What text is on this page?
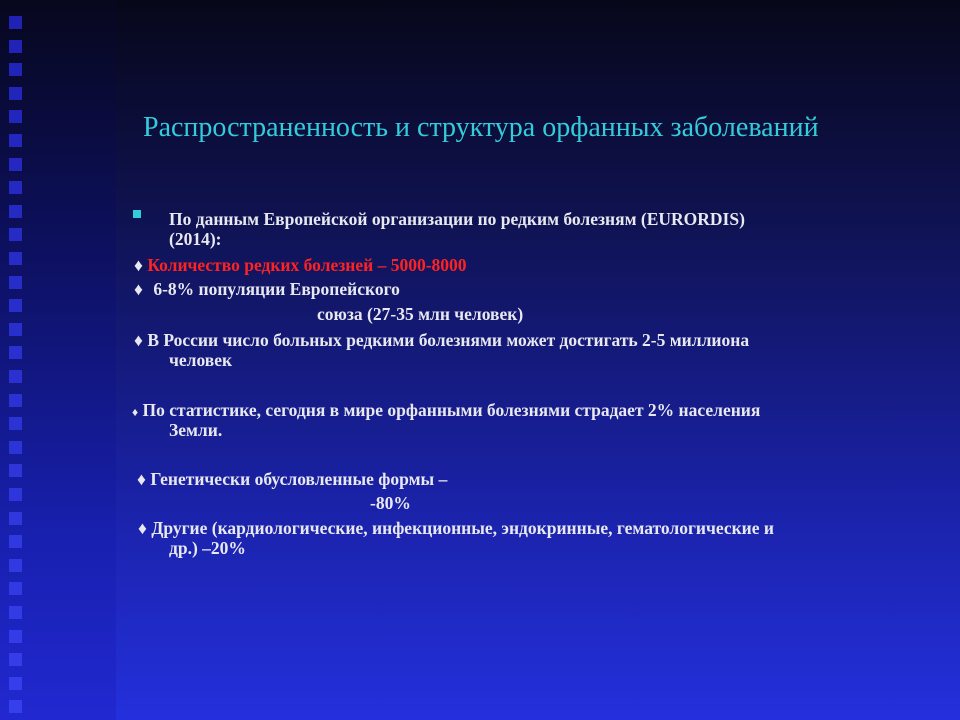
Распространенность и структура орфанных заболеваний
По данным Европейской организации по редким болезням (EURORDIS)
(2014):
♦ Количество редких болезней – 5000-8000
♦ 6-8% популяции Европейского
союза (27-35 млн человек)
♦ В России число больных редкими болезнями может достигать 2-5 миллиона
человек
♦ По статистике, сегодня в мире орфанными болезнями страдает 2% населения
Земли.
♦ Генетически обусловленные формы –
-80%
♦ Другие (кардиологические, инфекционные, эндокринные, гематологические и
др.) –20%
